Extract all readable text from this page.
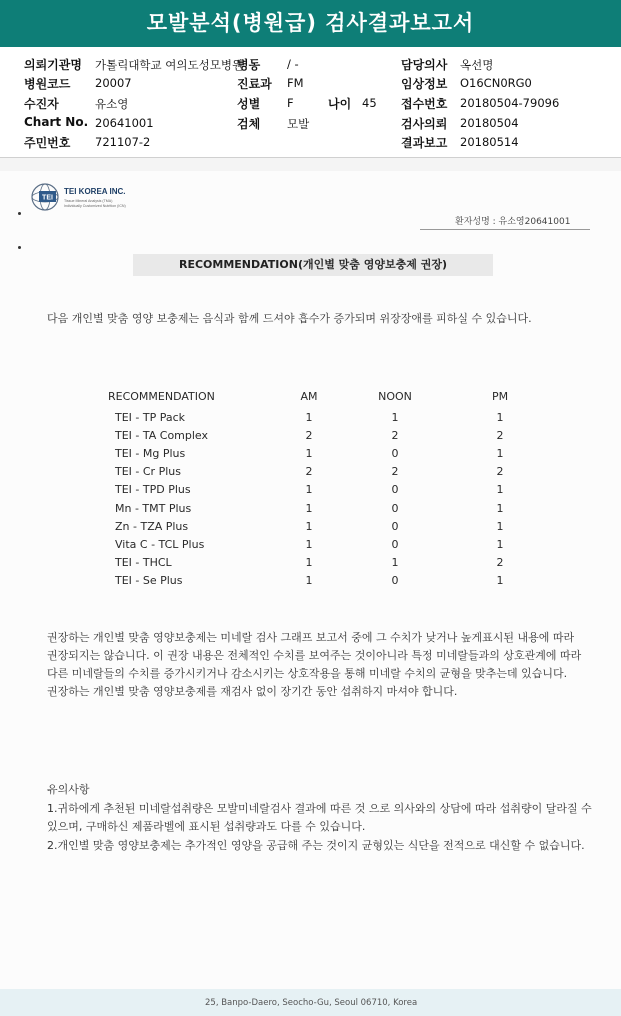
모발분석(병원급) 검사결과보고서
의뢰기관명 가톨릭대학교 여의도성모병원
병동 / -	담당의사 옥선명
병원코드 20007	진료과 FM	임상정보 O16CN0RG0
수진자	유소영	성별 F	나이 45 접수번호 20180504-79096
Chart No. 20641001	검체 모발	검사의뢰 20180504
주민번호 721107-2	결과보고 20180514
TEI
TEI KOREA INC.
Tissue Mineral Analysis (TMA)
Individually Customized Nutrition (ICN)
환자성명 : 유소영20641001
RECOMMENDATION(개인별 맞춤 영양보충제 권장)
다음 개인별 맞춤 영양 보충제는 음식과 함께 드셔야 흡수가 증가되며 위장장애를 피하실 수 있습니다.
RECOMMENDATION	AM	NOON	PM
TEI - TP Pack	1	1	1
TEI - TA Complex	2	2	2
TEI - Mg Plus	1	0	1
TEI - Cr Plus	2	2	2
TEI - TPD Plus	1	0	1
Mn - TMT Plus	1	0	1
Zn - TZA Plus	1	0	1
Vita C - TCL Plus	1	0	1
TEI - THCL	1	1	2
TEI - Se Plus	1	0	1
권장하는 개인별 맞춤 영양보충제는 미네랄 검사 그래프 보고서 중에 그 수치가 낮거나 높게표시된 내용에 따라 권장되지는 않습니다. 이 권장 내용은 전체적인 수치를 보여주는 것이아니라 특정 미네랄들과의 상호관계에 따라 다른 미네랄들의 수치를 증가시키거나 감소시키는 상호작용을 통해 미네랄 수치의 균형을 맞추는데 있습니다.
권장하는 개인별 맞춤 영양보충제를 재검사 없이 장기간 동안 섭취하지 마셔야 합니다.

유의사항

1.귀하에게 추천된 미네랄섭취량은 모발미네랄검사 결과에 따른 것 으로 의사와의 상담에 따라 섭취량이 달라질 수 있으며, 구매하신 제품라벨에 표시된 섭취량과도 다를 수 있습니다.

2.개인별 맞춤 영양보충제는 추가적인 영양을 공급해 주는 것이지 균형있는 식단을 전적으로 대신할 수 없습니다.

25, Banpo-Daero, Seocho-Gu, Seoul 06710, Korea
